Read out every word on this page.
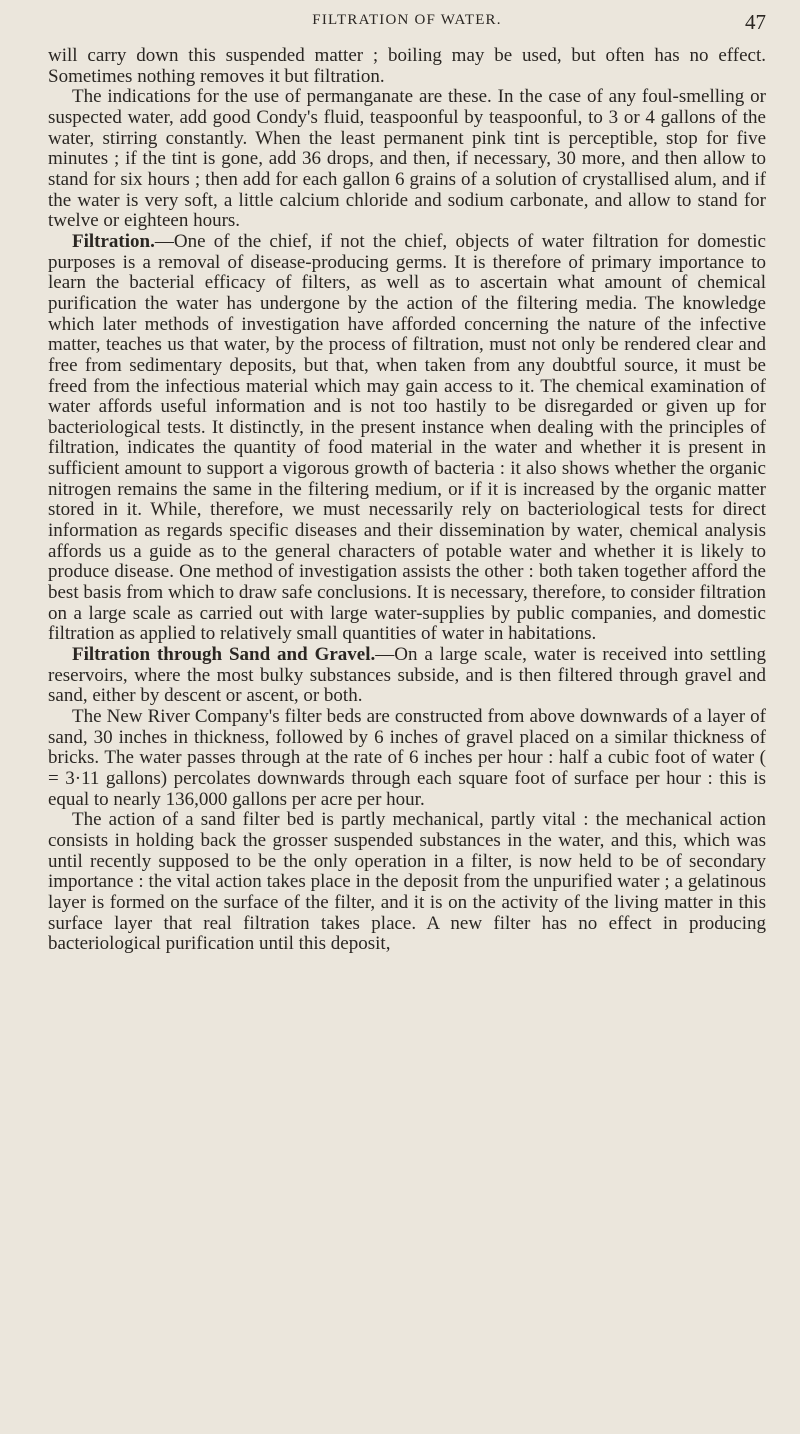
FILTRATION OF WATER.	47

will carry down this suspended matter ; boiling may be used, but often has no effect. Sometimes nothing removes it but filtration.

The indications for the use of permanganate are these. In the case of any foul-smelling or suspected water, add good Condy's fluid, teaspoonful by teaspoonful, to 3 or 4 gallons of the water, stirring constantly. When the least permanent pink tint is perceptible, stop for five minutes ; if the tint is gone, add 36 drops, and then, if necessary, 30 more, and then allow to stand for six hours ; then add for each gallon 6 grains of a solution of crystallised alum, and if the water is very soft, a little calcium chloride and sodium carbonate, and allow to stand for twelve or eighteen hours.

Filtration.—One of the chief, if not the chief, objects of water filtration for domestic purposes is a removal of disease-producing germs. It is therefore of primary importance to learn the bacterial efficacy of filters, as well as to ascertain what amount of chemical purification the water has undergone by the action of the filtering media. The knowledge which later methods of investigation have afforded concerning the nature of the infective matter, teaches us that water, by the process of filtration, must not only be rendered clear and free from sedimentary deposits, but that, when taken from any doubtful source, it must be freed from the infectious material which may gain access to it. The chemical examination of water affords useful information and is not too hastily to be disregarded or given up for bacteriological tests. It distinctly, in the present instance when dealing with the principles of filtration, indicates the quantity of food material in the water and whether it is present in sufficient amount to support a vigorous growth of bacteria : it also shows whether the organic nitrogen remains the same in the filtering medium, or if it is increased by the organic matter stored in it. While, therefore, we must necessarily rely on bacteriological tests for direct information as regards specific diseases and their dissemination by water, chemical analysis affords us a guide as to the general characters of potable water and whether it is likely to produce disease. One method of investigation assists the other : both taken together afford the best basis from which to draw safe conclusions. It is necessary, therefore, to consider filtration on a large scale as carried out with large water-supplies by public companies, and domestic filtration as applied to relatively small quantities of water in habitations.

Filtration through Sand and Gravel.—On a large scale, water is received into settling reservoirs, where the most bulky substances subside, and is then filtered through gravel and sand, either by descent or ascent, or both.

The New River Company's filter beds are constructed from above downwards of a layer of sand, 30 inches in thickness, followed by 6 inches of gravel placed on a similar thickness of bricks. The water passes through at the rate of 6 inches per hour : half a cubic foot of water ( = 3·11 gallons) percolates downwards through each square foot of surface per hour : this is equal to nearly 136,000 gallons per acre per hour.

The action of a sand filter bed is partly mechanical, partly vital : the mechanical action consists in holding back the grosser suspended substances in the water, and this, which was until recently supposed to be the only operation in a filter, is now held to be of secondary importance : the vital action takes place in the deposit from the unpurified water ; a gelatinous layer is formed on the surface of the filter, and it is on the activity of the living matter in this surface layer that real filtration takes place. A new filter has no effect in producing bacteriological purification until this deposit,
